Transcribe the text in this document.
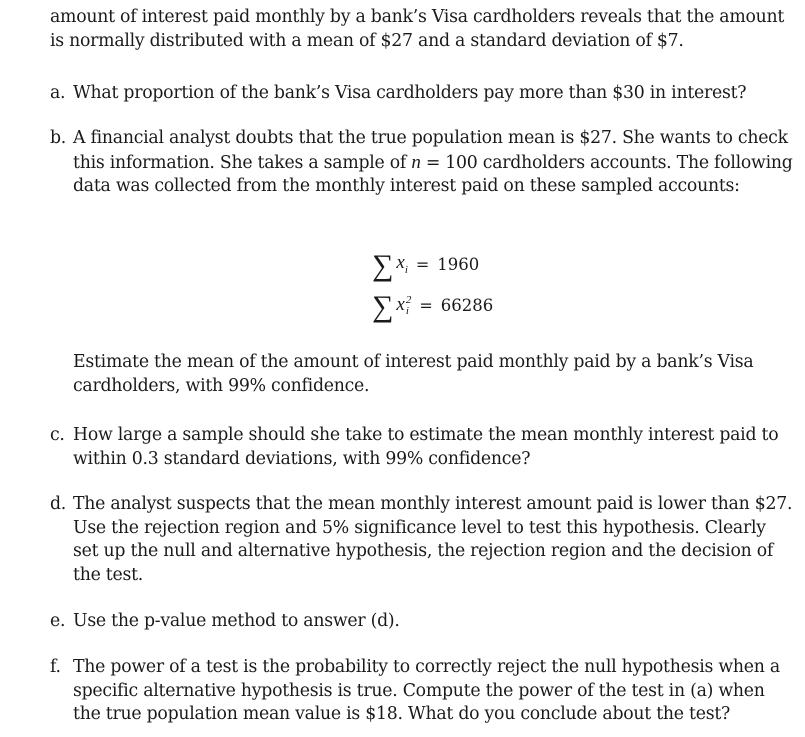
amount of interest paid monthly by a bank’s Visa cardholders reveals that the amount is normally distributed with a mean of $27 and a standard deviation of $7.
a. What proportion of the bank’s Visa cardholders pay more than $30 in interest?
b. A financial analyst doubts that the true population mean is $27. She wants to check this information. She takes a sample of n = 100 cardholders accounts. The following data was collected from the monthly interest paid on these sampled accounts:
∑ $x_i = 1960$
∑ x 2
i = 66286
Estimate the mean of the amount of interest paid monthly paid by a bank’s Visa cardholders, with 99% confidence.
c. How large a sample should she take to estimate the mean monthly interest paid to within 0.3 standard deviations, with 99% confidence?
d. The analyst suspects that the mean monthly interest amount paid is lower than $27. Use the rejection region and 5% significance level to test this hypothesis. Clearly set up the null and alternative hypothesis, the rejection region and the decision of the test.
e. Use the p-value method to answer (d).
f. The power of a test is the probability to correctly reject the null hypothesis when a specific alternative hypothesis is true. Compute the power of the test in (a) when the true population mean value is $18. What do you conclude about the test?
